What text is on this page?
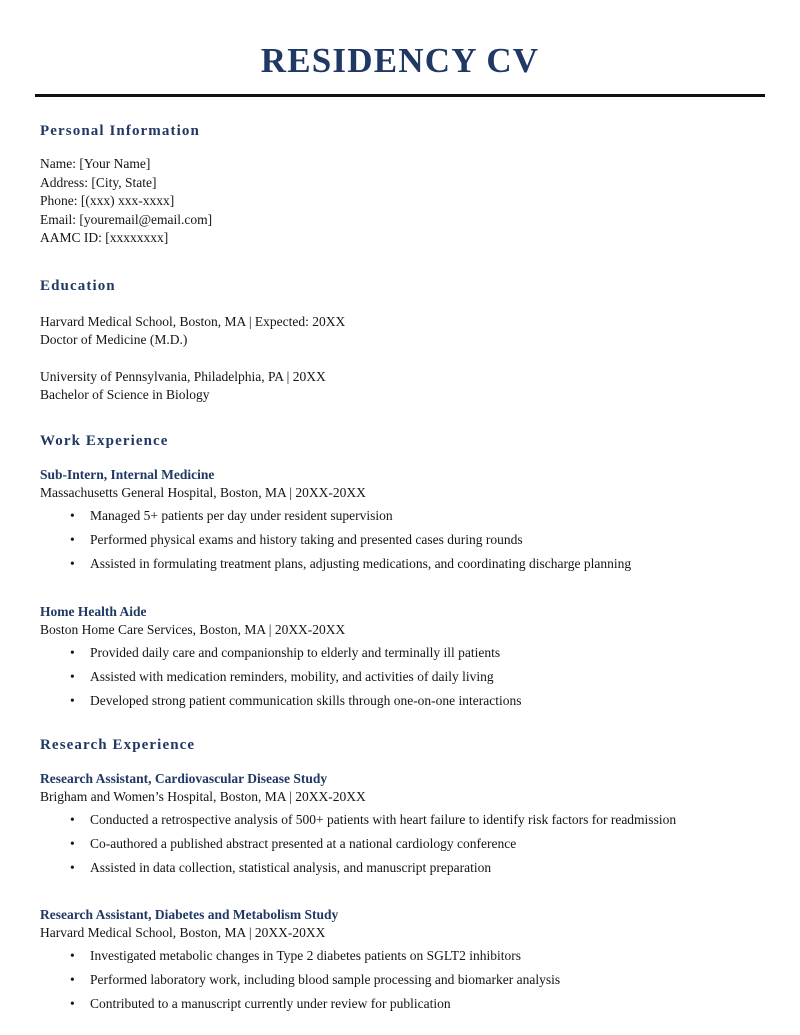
RESIDENCY CV
Personal Information
Name: [Your Name]
Address: [City, State]
Phone: [(xxx) xxx-xxxx]
Email: [youremail@email.com]
AAMC ID: [xxxxxxxx]
Education
Harvard Medical School, Boston, MA | Expected: 20XX
Doctor of Medicine (M.D.)
University of Pennsylvania, Philadelphia, PA | 20XX
Bachelor of Science in Biology
Work Experience
Sub-Intern, Internal Medicine
Massachusetts General Hospital, Boston, MA | 20XX-20XX
• Managed 5+ patients per day under resident supervision
• Performed physical exams and history taking and presented cases during rounds
• Assisted in formulating treatment plans, adjusting medications, and coordinating discharge planning
Home Health Aide
Boston Home Care Services, Boston, MA | 20XX-20XX
• Provided daily care and companionship to elderly and terminally ill patients
• Assisted with medication reminders, mobility, and activities of daily living
• Developed strong patient communication skills through one-on-one interactions
Research Experience
Research Assistant, Cardiovascular Disease Study
Brigham and Women’s Hospital, Boston, MA | 20XX-20XX
• Conducted a retrospective analysis of 500+ patients with heart failure to identify risk factors for readmission
• Co-authored a published abstract presented at a national cardiology conference
• Assisted in data collection, statistical analysis, and manuscript preparation
Research Assistant, Diabetes and Metabolism Study
Harvard Medical School, Boston, MA | 20XX-20XX
• Investigated metabolic changes in Type 2 diabetes patients on SGLT2 inhibitors
• Performed laboratory work, including blood sample processing and biomarker analysis
• Contributed to a manuscript currently under review for publication
